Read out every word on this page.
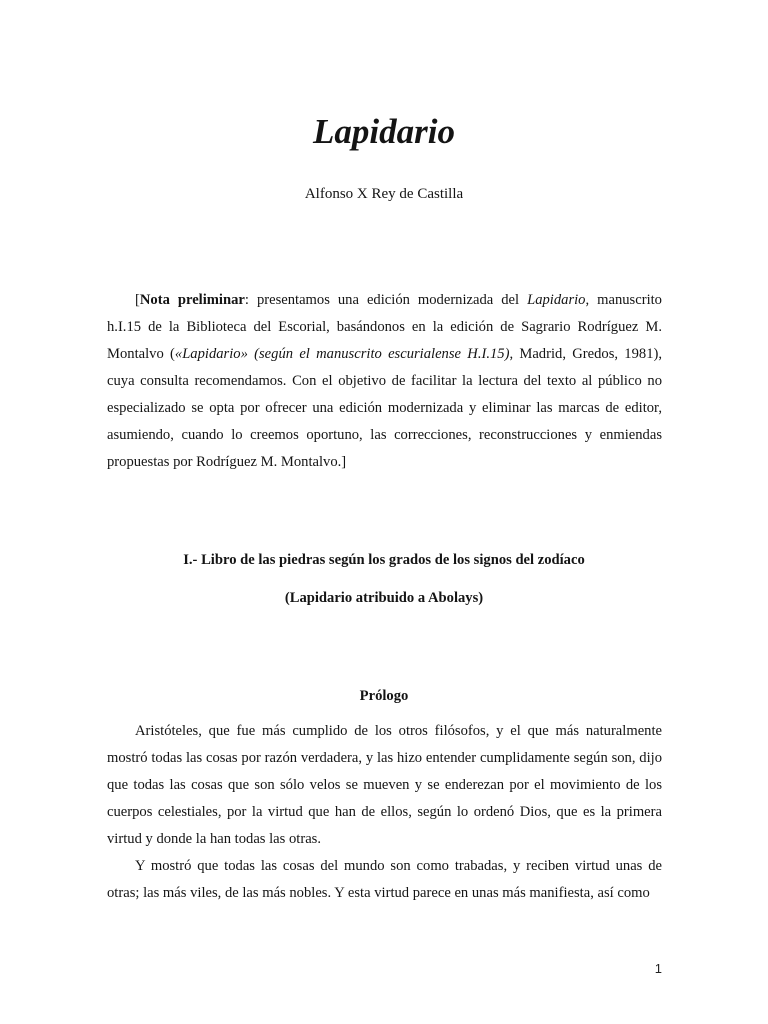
Lapidario

Alfonso X Rey de Castilla

[Nota preliminar: presentamos una edición modernizada del Lapidario, manuscrito h.I.15 de la Biblioteca del Escorial, basándonos en la edición de Sagrario Rodríguez M. Montalvo («Lapidario» (según el manuscrito escurialense H.I.15), Madrid, Gredos, 1981), cuya consulta recomendamos. Con el objetivo de facilitar la lectura del texto al público no especializado se opta por ofrecer una edición modernizada y eliminar las marcas de editor, asumiendo, cuando lo creemos oportuno, las correcciones, reconstrucciones y enmiendas propuestas por Rodríguez M. Montalvo.]

I.- Libro de las piedras según los grados de los signos del zodíaco
(Lapidario atribuido a Abolays)
Prólogo

Aristóteles, que fue más cumplido de los otros filósofos, y el que más naturalmente mostró todas las cosas por razón verdadera, y las hizo entender cumplidamente según son, dijo que todas las cosas que son sólo velos se mueven y se enderezan por el movimiento de los cuerpos celestiales, por la virtud que han de ellos, según lo ordenó Dios, que es la primera virtud y donde la han todas las otras.

Y mostró que todas las cosas del mundo son como trabadas, y reciben virtud unas de otras; las más viles, de las más nobles. Y esta virtud parece en unas más manifiesta, así como

1
